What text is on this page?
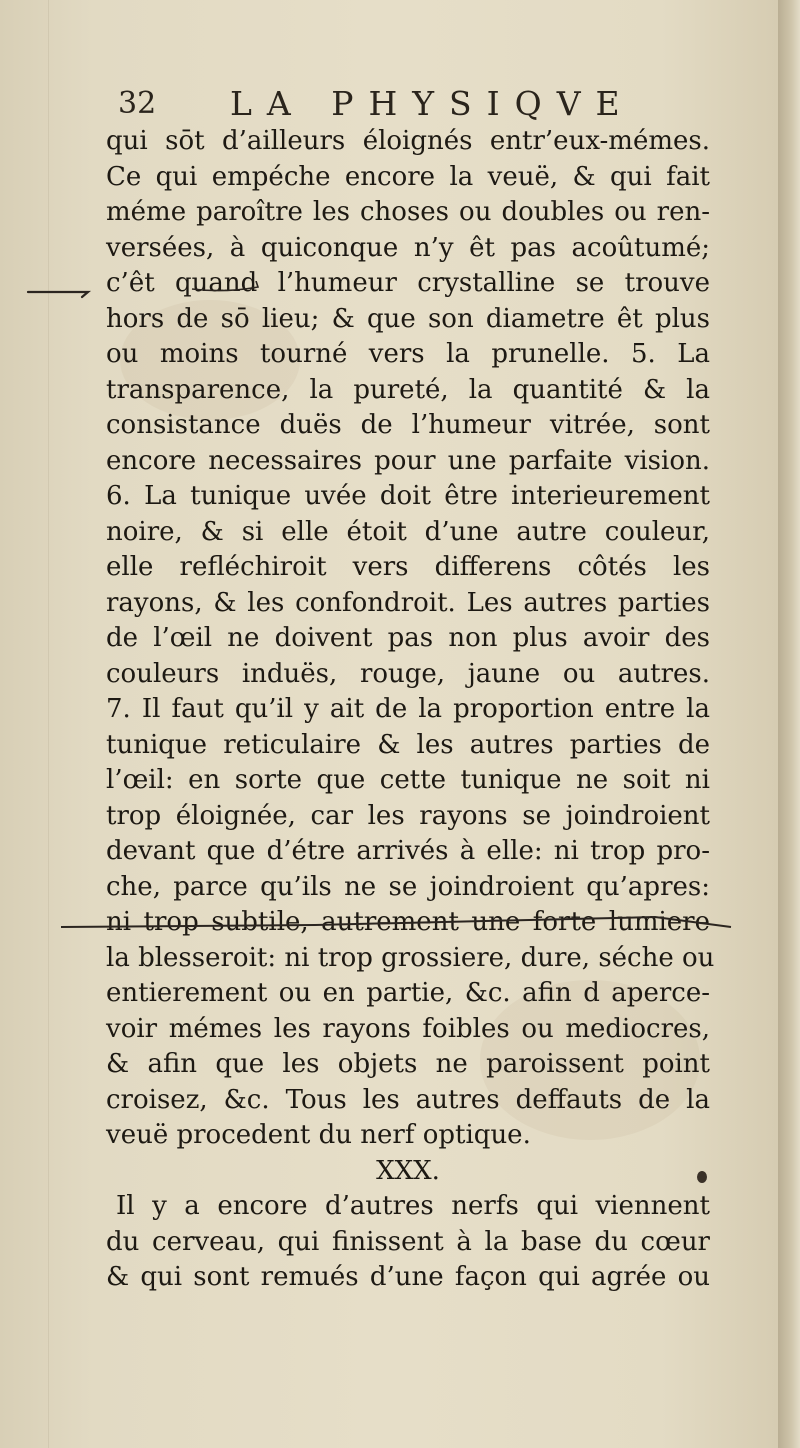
32 LA PHYSIQVE
qui sōt d’ailleurs éloignés entr’eux-mémes.
Ce qui empéche encore la veuë, & qui fait
méme paroître les choses ou doubles ou ren-
versées, à quiconque n’y êt pas acoûtumé;
c’êt quand l’humeur crystalline se trouve
hors de sō lieu; & que son diametre êt plus
ou moins tourné vers la prunelle. 5. La
transparence, la pureté, la quantité & la
consistance duës de l’humeur vitrée, sont
encore necessaires pour une parfaite vision.
6. La tunique uvée doit être interieurement
noire, & si elle étoit d’une autre couleur,
elle refléchiroit vers differens côtés les
rayons, & les confondroit. Les autres parties
de l’œil ne doivent pas non plus avoir des
couleurs induës, rouge, jaune ou autres.
7. Il faut qu’il y ait de la proportion entre la
tunique reticulaire & les autres parties de
l’œil: en sorte que cette tunique ne soit ni
trop éloignée, car les rayons se joindroient
devant que d’étre arrivés à elle: ni trop pro-
che, parce qu’ils ne se joindroient qu’apres:
ni trop subtile, autrement une forte lumiere
la blesseroit: ni trop grossiere, dure, séche ou
entierement ou en partie, &c. afin d aperce-
voir mémes les rayons foibles ou mediocres,
& afin que les objets ne paroissent point
croisez, &c. Tous les autres deffauts de la
veuë procedent du nerf optique.
XXX.
Il y a encore d’autres nerfs qui viennent
du cerveau, qui finissent à la base du cœur
& qui sont remués d’une façon qui agrée ou
